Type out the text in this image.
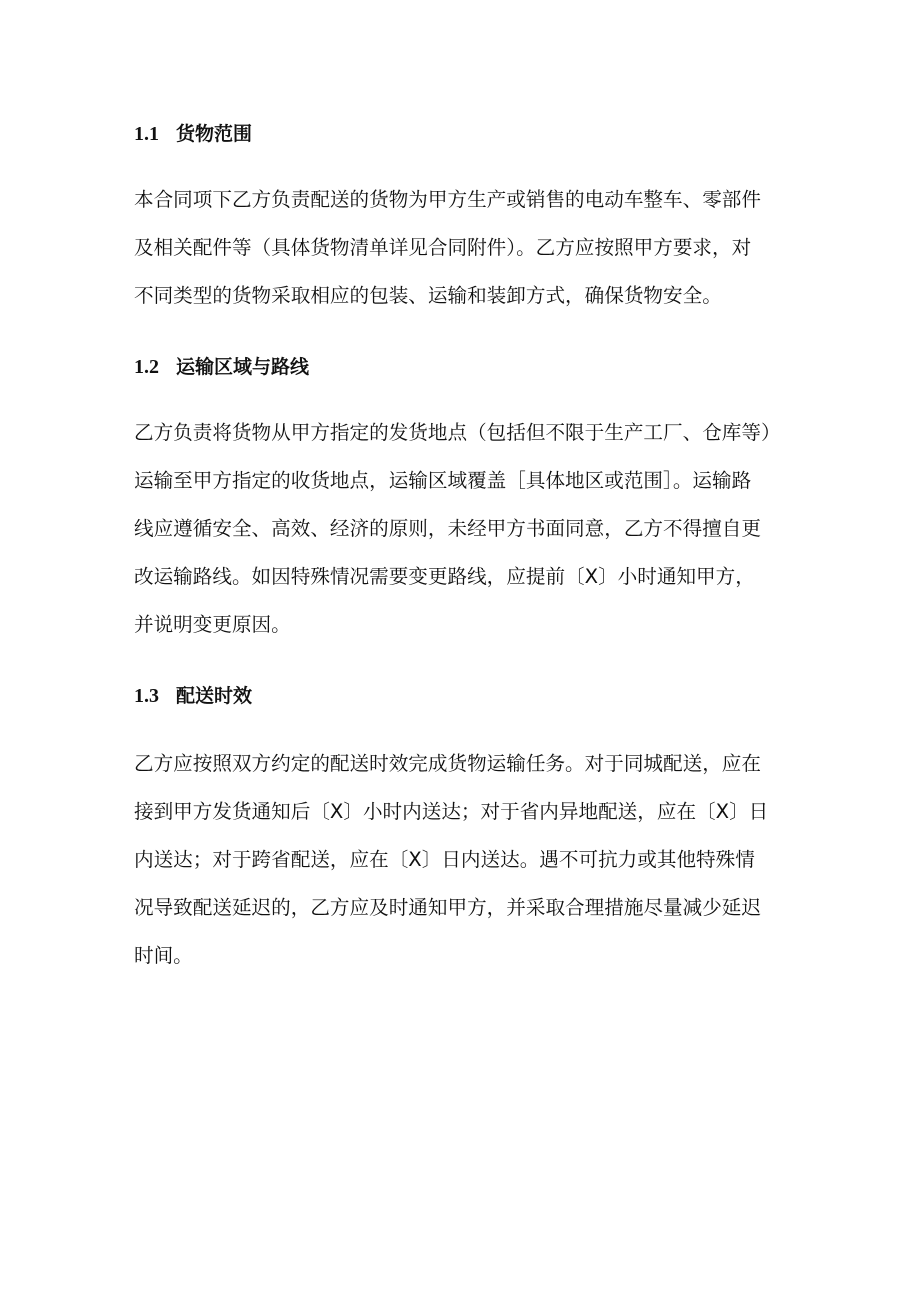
1.1 货物范围
本合同项下乙方负责配送的货物为甲方生产或销售的电动车整车、零部件
及相关配件等（具体货物清单详见合同附件）。乙方应按照甲方要求，对
不同类型的货物采取相应的包装、运输和装卸方式，确保货物安全。
1.2 运输区域与路线
乙方负责将货物从甲方指定的发货地点（包括但不限于生产工厂、仓库等）
运输至甲方指定的收货地点，运输区域覆盖［具体地区或范围］。运输路
线应遵循安全、高效、经济的原则，未经甲方书面同意，乙方不得擅自更
改运输路线。如因特殊情况需要变更路线，应提前〔X〕小时通知甲方，
并说明变更原因。
1.3 配送时效
乙方应按照双方约定的配送时效完成货物运输任务。对于同城配送，应在
接到甲方发货通知后〔X〕小时内送达；对于省内异地配送，应在〔X〕日
内送达；对于跨省配送，应在〔X〕日内送达。遇不可抗力或其他特殊情
况导致配送延迟的，乙方应及时通知甲方，并采取合理措施尽量减少延迟
时间。
